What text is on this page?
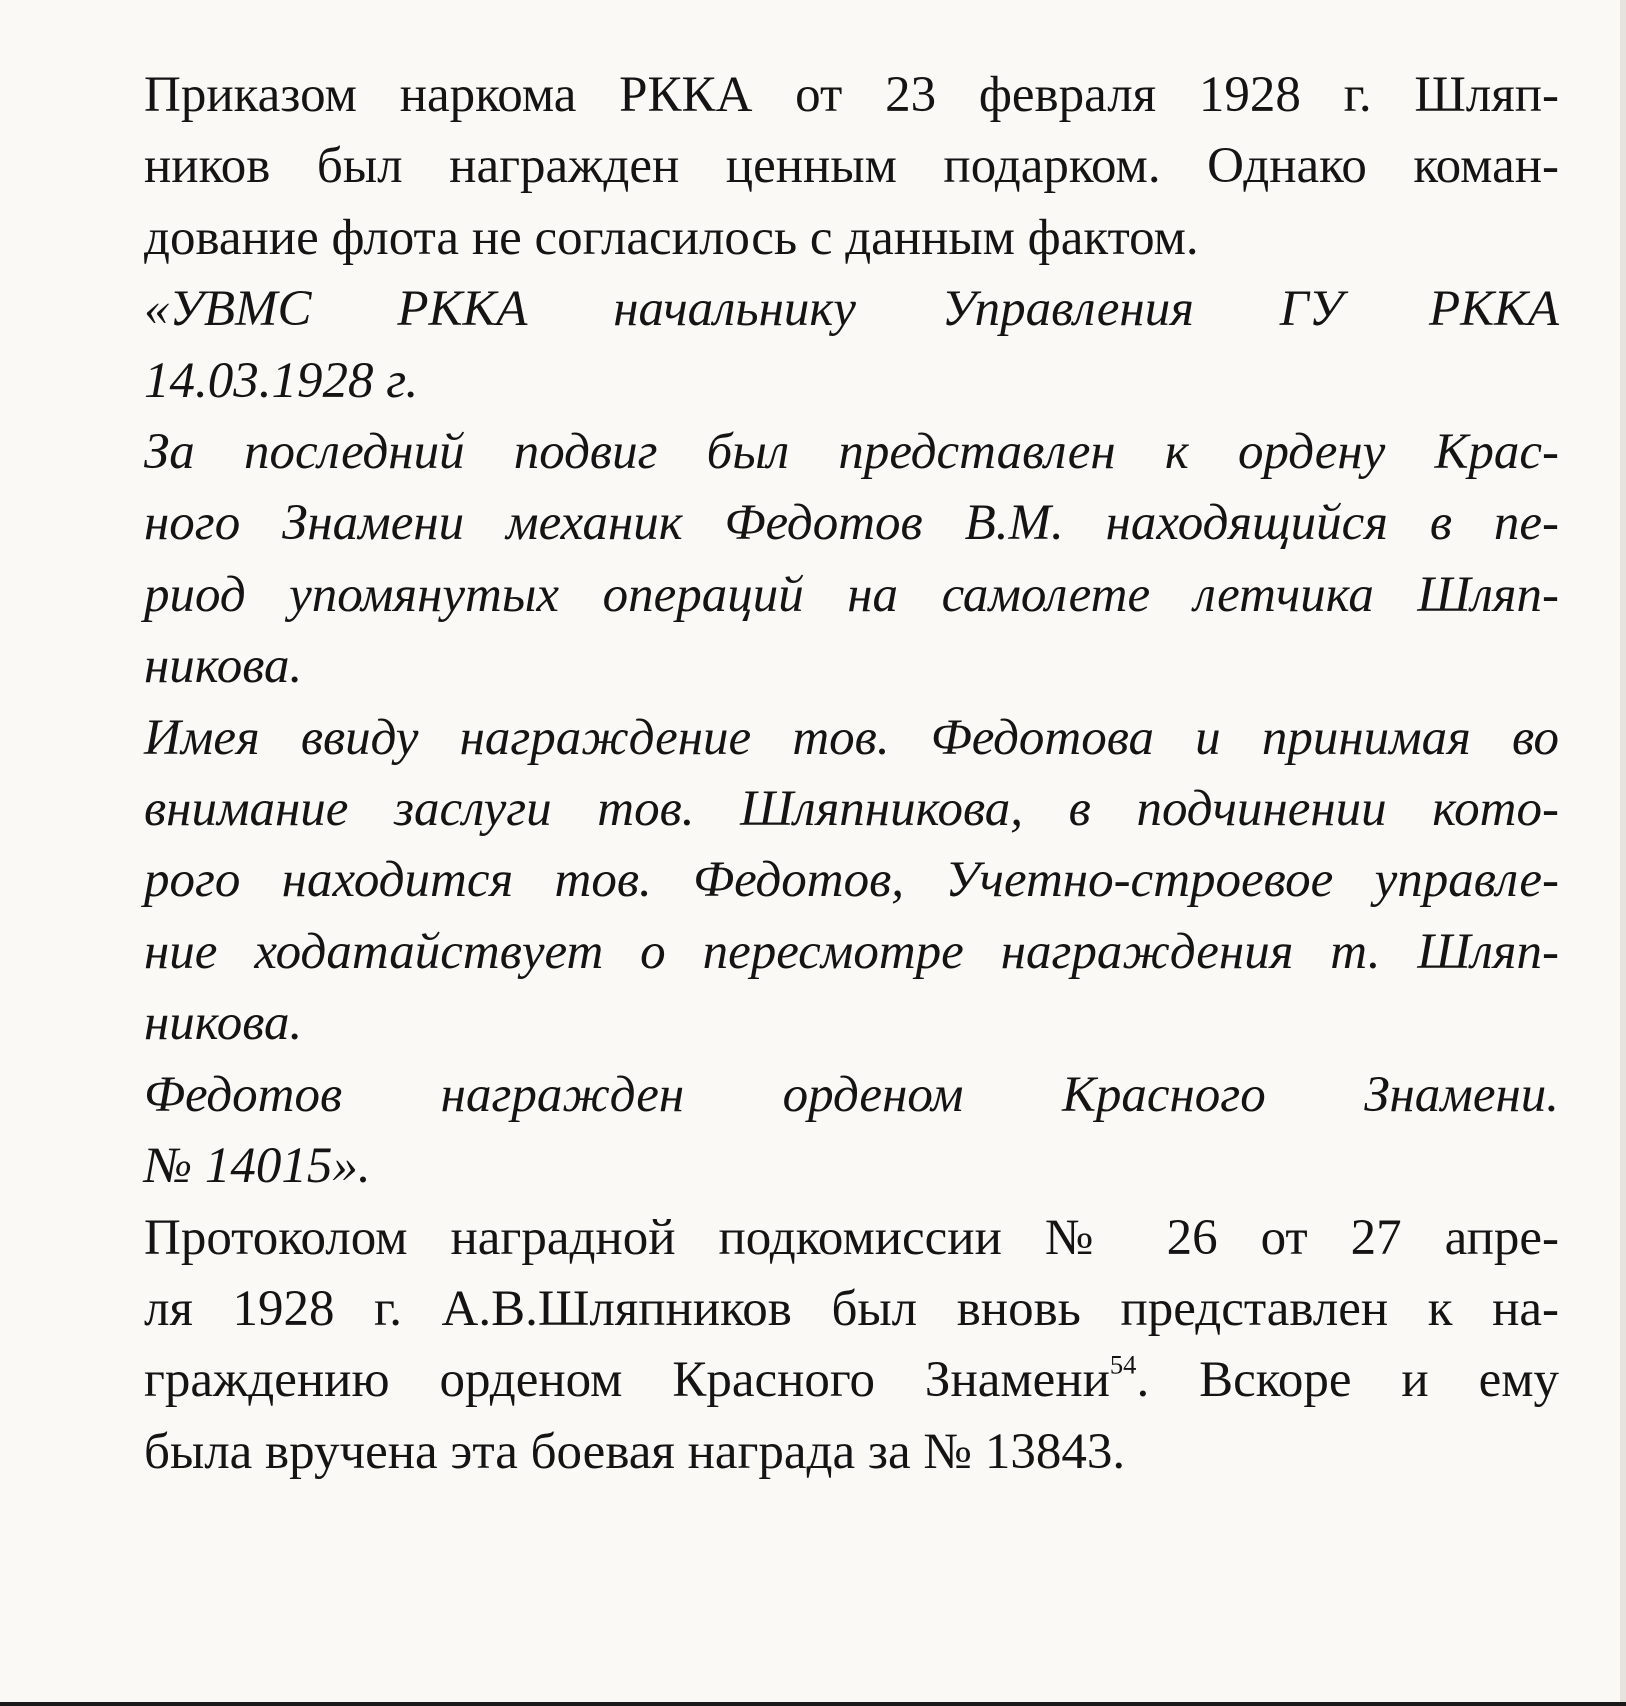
Приказом наркома РККА от 23 февраля 1928 г. Шляп-
ников был награжден ценным подарком. Однако коман-
дование флота не согласилось с данным фактом.

«УВМС РККА начальнику Управления ГУ РККА
14.03.1928 г.

За последний подвиг был представлен к ордену Крас-
ного Знамени механик Федотов В.М. находящийся в пе-
риод упомянутых операций на самолете летчика Шляп-
никова.

Имея ввиду награждение тов. Федотова и принимая во
внимание заслуги тов. Шляпникова, в подчинении кото-
рого находится тов. Федотов, Учетно-строевое управле-
ние ходатайствует о пересмотре награждения т. Шляп-
никова.

Федотов награжден орденом Красного Знамени.
№ 14015».

Протоколом наградной подкомиссии № 26 от 27 апре-
ля 1928 г. А.В.Шляпников был вновь представлен к на-
граждению орденом Красного Знамени$^{54}$. Вскоре и ему
была вручена эта боевая награда за № 13843.
